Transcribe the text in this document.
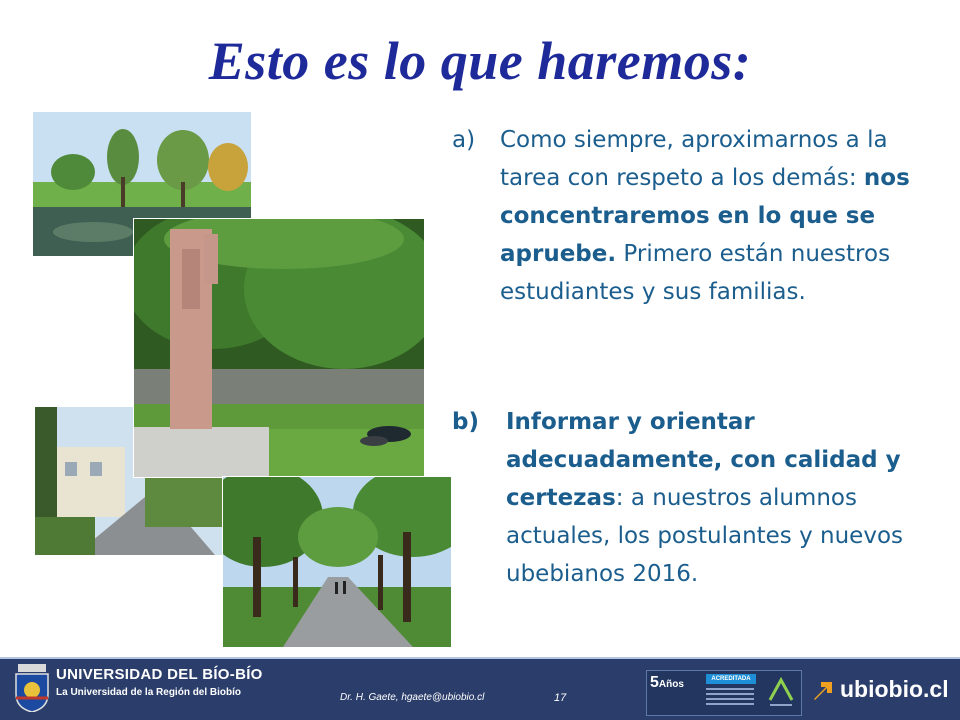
Esto es lo que haremos:
a) Como siempre, aproximarnos a la tarea con respeto a los demás: nos concentraremos en lo que se apruebe. Primero están nuestros estudiantes y sus familias.
b) Informar y orientar adecuadamente, con calidad y certezas: a nuestros alumnos actuales, los postulantes y nuevos ubebianos 2016.
UNIVERSIDAD DEL BÍO-BÍO
La Universidad de la Región del Biobío	Dr. H. Gaete, hgaete@ubiobio.cl	17
5Años	ACREDITADA	ubiobio.cl
